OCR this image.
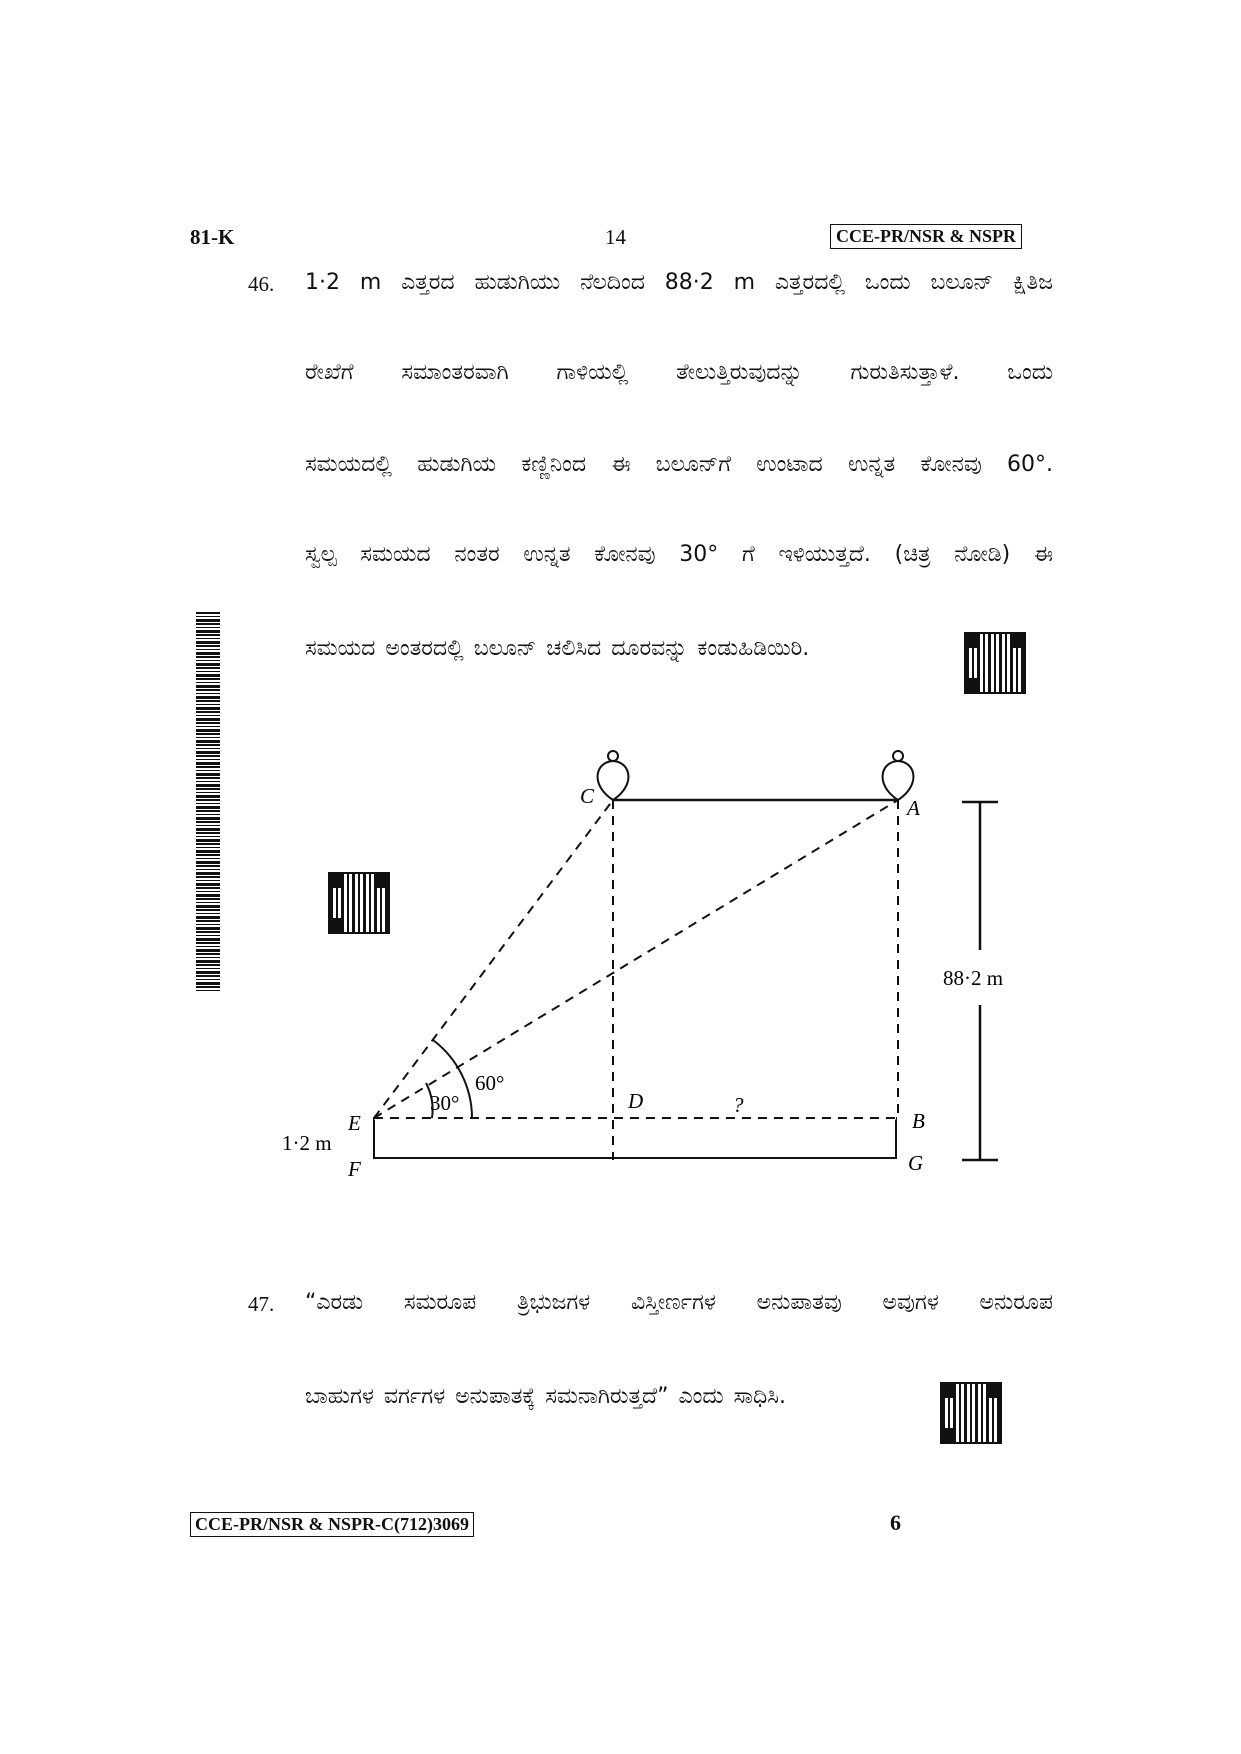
81-K	14	CCE-PR/NSR & NSPR
46. 1·2 m ಎತ್ತರದ ಹುಡುಗಿಯು ನೆಲದಿಂದ 88·2 m ಎತ್ತರದಲ್ಲಿ ಒಂದು ಬಲೂನ್ ಕ್ಷಿತಿಜ
ರೇಖೆಗೆ ಸಮಾಂತರವಾಗಿ ಗಾಳಿಯಲ್ಲಿ ತೇಲುತ್ತಿರುವುದನ್ನು ಗುರುತಿಸುತ್ತಾಳೆ. ಒಂದು
ಸಮಯದಲ್ಲಿ ಹುಡುಗಿಯ ಕಣ್ಣಿನಿಂದ ಈ ಬಲೂನ್‌ಗೆ ಉಂಟಾದ ಉನ್ನತ ಕೋನವು 60°.
ಸ್ವಲ್ಪ ಸಮಯದ ನಂತರ ಉನ್ನತ ಕೋನವು 30° ಗೆ ಇಳಿಯುತ್ತದೆ. (ಚಿತ್ರ ನೋಡಿ) ಈ
ಸಮಯದ ಅಂತರದಲ್ಲಿ ಬಲೂನ್ ಚಲಿಸಿದ ದೂರವನ್ನು ಕಂಡುಹಿಡಿಯಿರಿ.
C	A
E
F
D	?
B
G
30°
60°
88·2 m
1·2 m
47. “ಎರಡು ಸಮರೂಪ ತ್ರಿಭುಜಗಳ ವಿಸ್ತೀರ್ಣಗಳ ಅನುಪಾತವು ಅವುಗಳ ಅನುರೂಪ
ಬಾಹುಗಳ ವರ್ಗಗಳ ಅನುಪಾತಕ್ಕೆ ಸಮನಾಗಿರುತ್ತದೆ” ಎಂದು ಸಾಧಿಸಿ.
CCE-PR/NSR & NSPR-C(712)3069	6
